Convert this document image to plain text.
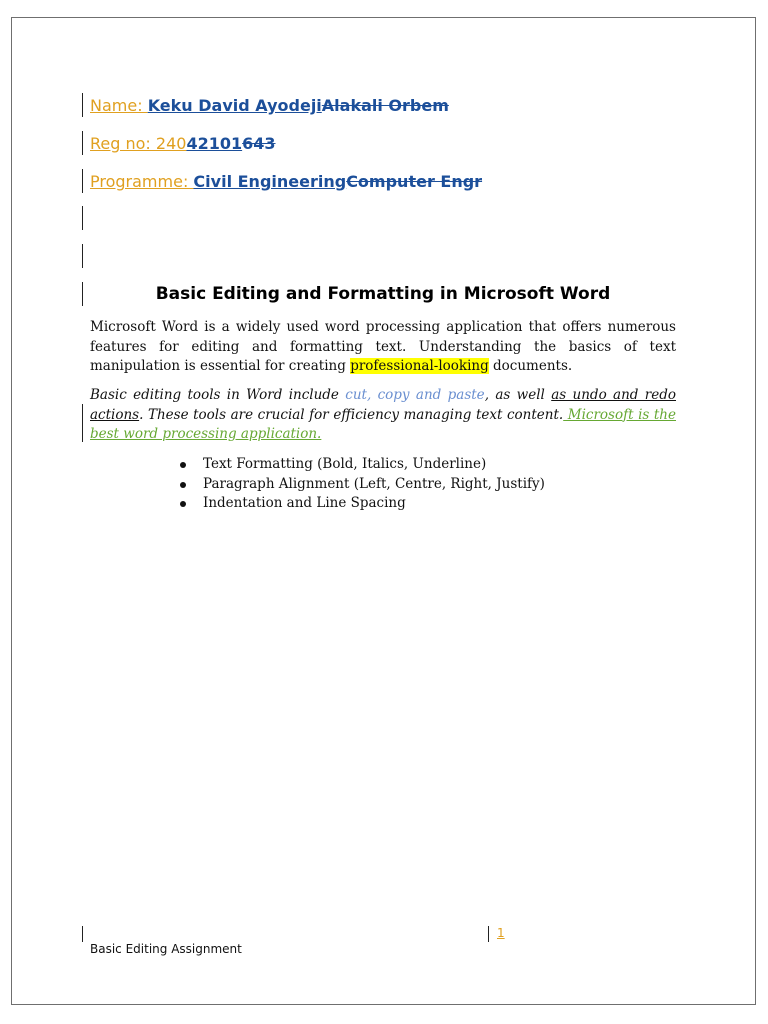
Name: Keku David AyodejiAlakali Orbem
Reg no: 24042101643
Programme: Civil EngineeringComputer Engr
Basic Editing and Formatting in Microsoft Word
Microsoft Word is a widely used word processing application that offers numerous features for editing and formatting text. Understanding the basics of text manipulation is essential for creating professional-looking documents.
Basic editing tools in Word include cut, copy and paste, as well as undo and redo actions. These tools are crucial for efficiency managing text content. Microsoft is the best word processing application.
Text Formatting (Bold, Italics, Underline)
Paragraph Alignment (Left, Centre, Right, Justify)
Indentation and Line Spacing
1
Basic Editing Assignment
